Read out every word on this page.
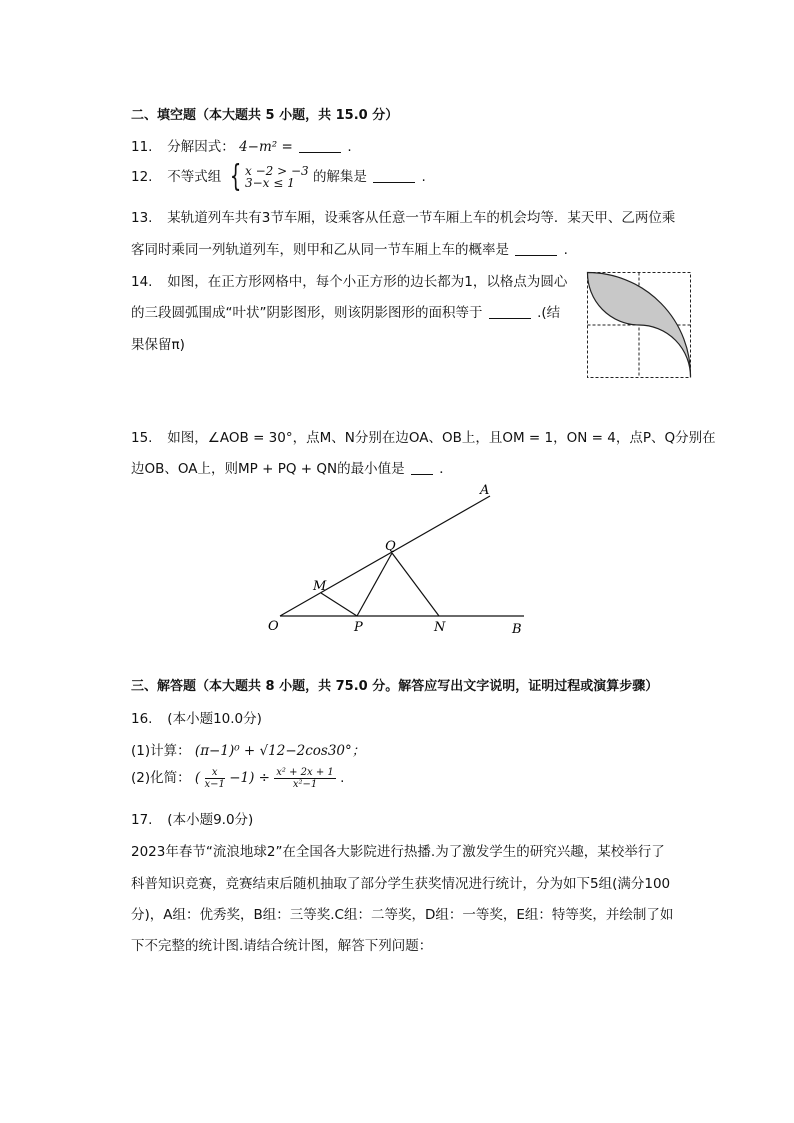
二、填空题（本大题共 5 小题，共 15.0 分）
11. 分解因式： 4−m² =	.
12. 不等式组 { x −2 > −3
3−x ≤ 1	的解集是	.
13. 某轨道列车共有3节车厢，设乘客从任意一节车厢上车的机会均等．某天甲、乙两位乘
客同时乘同一列轨道列车，则甲和乙从同一节车厢上车的概率是	.
14. 如图，在正方形网格中，每个小正方形的边长都为1，以格点为圆心
的三段圆弧围成“叶状”阴影图形，则该阴影图形的面积等于	.(结
果保留π)
15. 如图，∠AOB = 30°，点M、N分别在边OA、OB上，且OM = 1，ON = 4，点P、Q分别在
边OB、OA上，则MP + PQ + QN的最小值是	．
A
Q
M
O	P	N	B
三、解答题（本大题共 8 小题，共 75.0 分。解答应写出文字说明，证明过程或演算步骤）
16. (本小题10.0分)
(1)计算： (π−1)⁰ + √12−2cos30°；
(2)化简： ( $\frac{x}{x-1} -1) \div \frac{\text{x² + 2x + 1}}{\text{x²−1}}$ .
17. (本小题9.0分)
2023年春节“流浪地球2”在全国各大影院进行热播.为了激发学生的研究兴趣，某校举行了
科普知识竞赛，竞赛结束后随机抽取了部分学生获奖情况进行统计，分为如下5组(满分100
分)，A组：优秀奖，B组：三等奖.C组：二等奖，D组：一等奖，E组：特等奖，并绘制了如
下不完整的统计图.请结合统计图，解答下列问题：
